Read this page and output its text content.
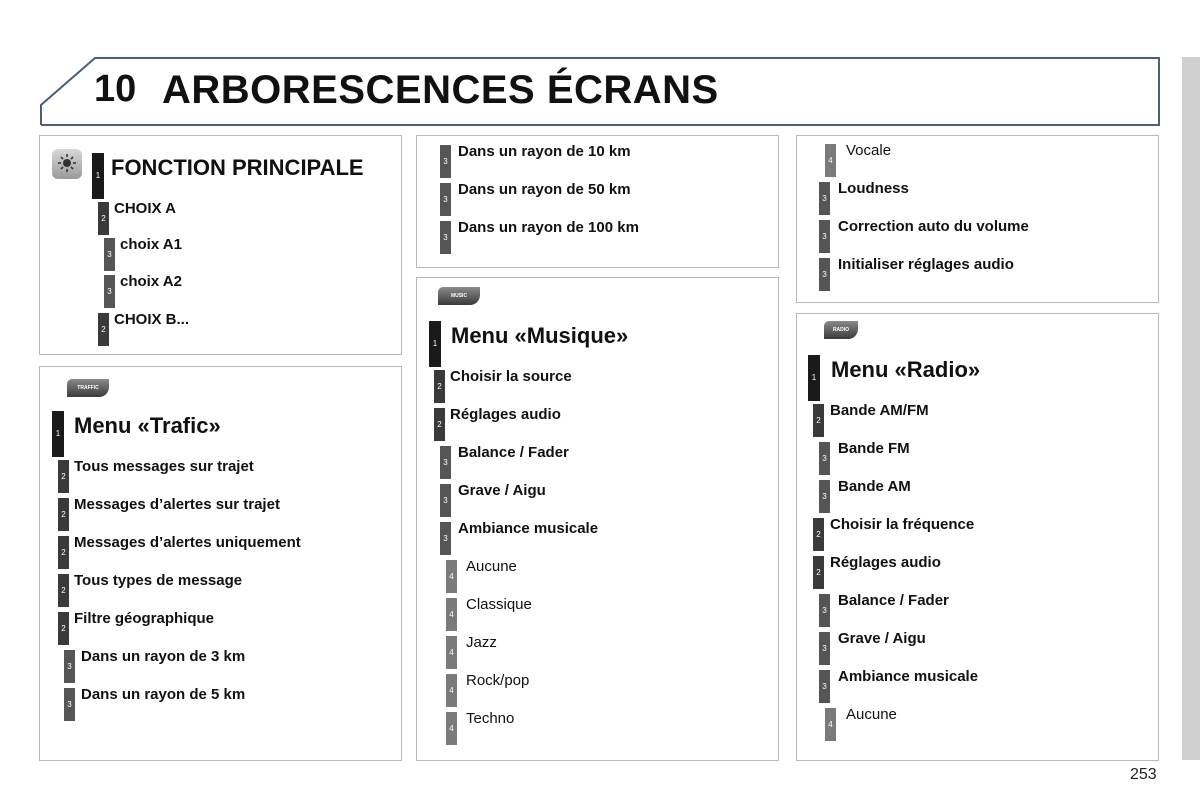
10 ARBORESCENCES ÉCRANS
1 FONCTION PRINCIPALE
2
CHOIX A
3
choix A1
3
choix A2
2
CHOIX B...
TRAFFIC
1 Menu «Trafic»
2
Tous messages sur trajet
2
Messages d’alertes sur trajet
2
Messages d’alertes uniquement
2
Tous types de message
2
Filtre géographique
3
Dans un rayon de 3 km
3
Dans un rayon de 5 km
3
Dans un rayon de 10 km
3
Dans un rayon de 50 km
3
Dans un rayon de 100 km
MUSIC
1 Menu «Musique»
2
Choisir la source
2
Réglages audio
3
Balance / Fader
3
Grave / Aigu
3
Ambiance musicale
4
Aucune
4
Classique
4
Jazz
4
Rock/pop
4
Techno
4
Vocale
3
Loudness
3
Correction auto du volume
3
Initialiser réglages audio
RADIO
1 Menu «Radio»
2
Bande AM/FM
3
Bande FM
3
Bande AM
2
Choisir la fréquence
2
Réglages audio
3
Balance / Fader
3
Grave / Aigu
3
Ambiance musicale
4
Aucune
253
